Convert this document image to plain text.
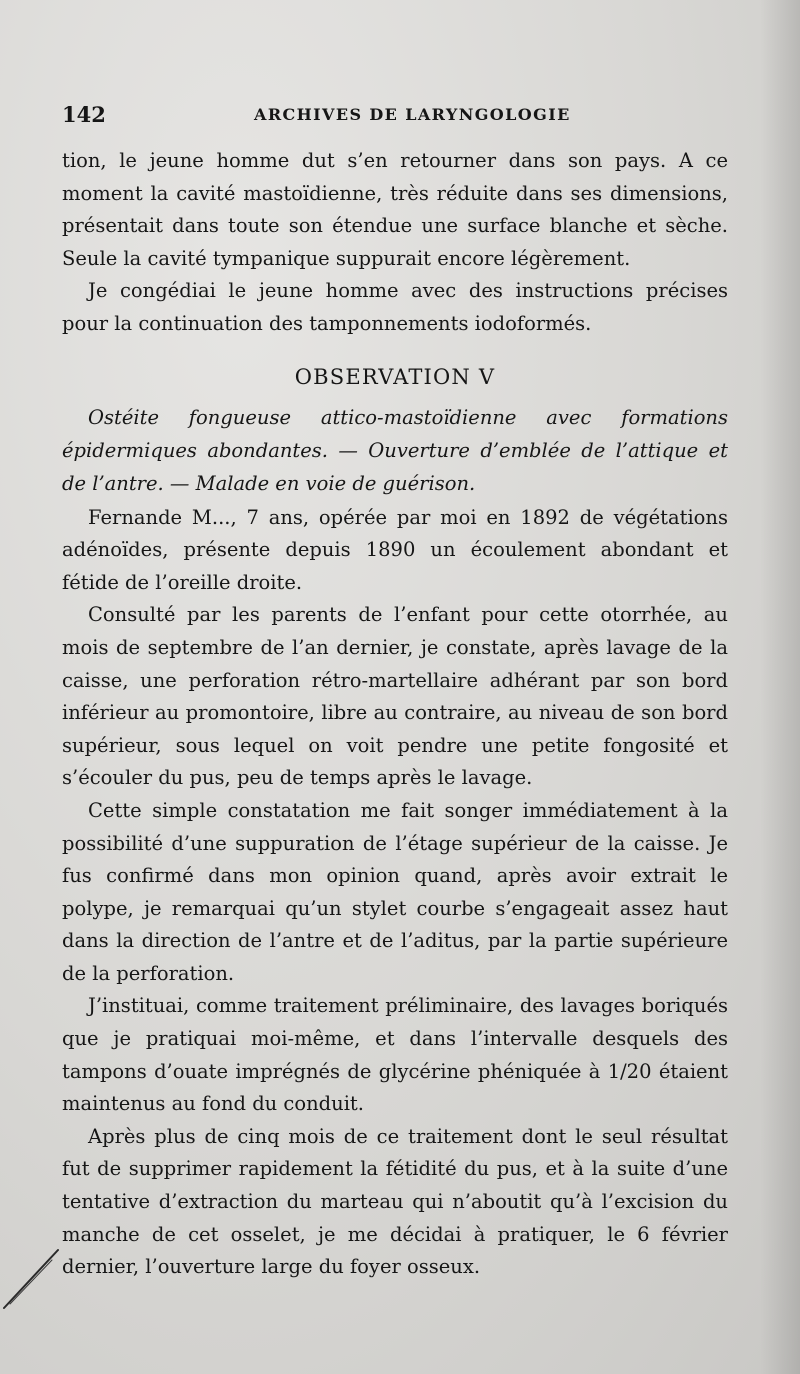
142	ARCHIVES DE LARYNGOLOGIE

tion, le jeune homme dut s’en retourner dans son pays. A ce moment la cavité mastoïdienne, très réduite dans ses dimensions, présentait dans toute son étendue une surface blanche et sèche. Seule la cavité tympanique suppurait encore légèrement.

Je congédiai le jeune homme avec des instructions précises pour la continuation des tamponnements iodoformés.

OBSERVATION V

Ostéite fongueuse attico-mastoïdienne avec formations épidermiques abondantes. — Ouverture d’emblée de l’attique et de l’antre. — Malade en voie de guérison.

Fernande M..., 7 ans, opérée par moi en 1892 de végétations adénoïdes, présente depuis 1890 un écoulement abondant et fétide de l’oreille droite.

Consulté par les parents de l’enfant pour cette otorrhée, au mois de septembre de l’an dernier, je constate, après lavage de la caisse, une perforation rétro-martellaire adhérant par son bord inférieur au promontoire, libre au contraire, au niveau de son bord supérieur, sous lequel on voit pendre une petite fongosité et s’écouler du pus, peu de temps après le lavage.

Cette simple constatation me fait songer immédiatement à la possibilité d’une suppuration de l’étage supérieur de la caisse. Je fus confirmé dans mon opinion quand, après avoir extrait le polype, je remarquai qu’un stylet courbe s’engageait assez haut dans la direction de l’antre et de l’aditus, par la partie supérieure de la perforation.

J’instituai, comme traitement préliminaire, des lavages boriqués que je pratiquai moi-même, et dans l’intervalle desquels des tampons d’ouate imprégnés de glycérine phéniquée à 1/20 étaient maintenus au fond du conduit.

Après plus de cinq mois de ce traitement dont le seul résultat fut de supprimer rapidement la fétidité du pus, et à la suite d’une tentative d’extraction du marteau qui n’aboutit qu’à l’excision du manche de cet osselet, je me décidai à pratiquer, le 6 février dernier, l’ouverture large du foyer osseux.
